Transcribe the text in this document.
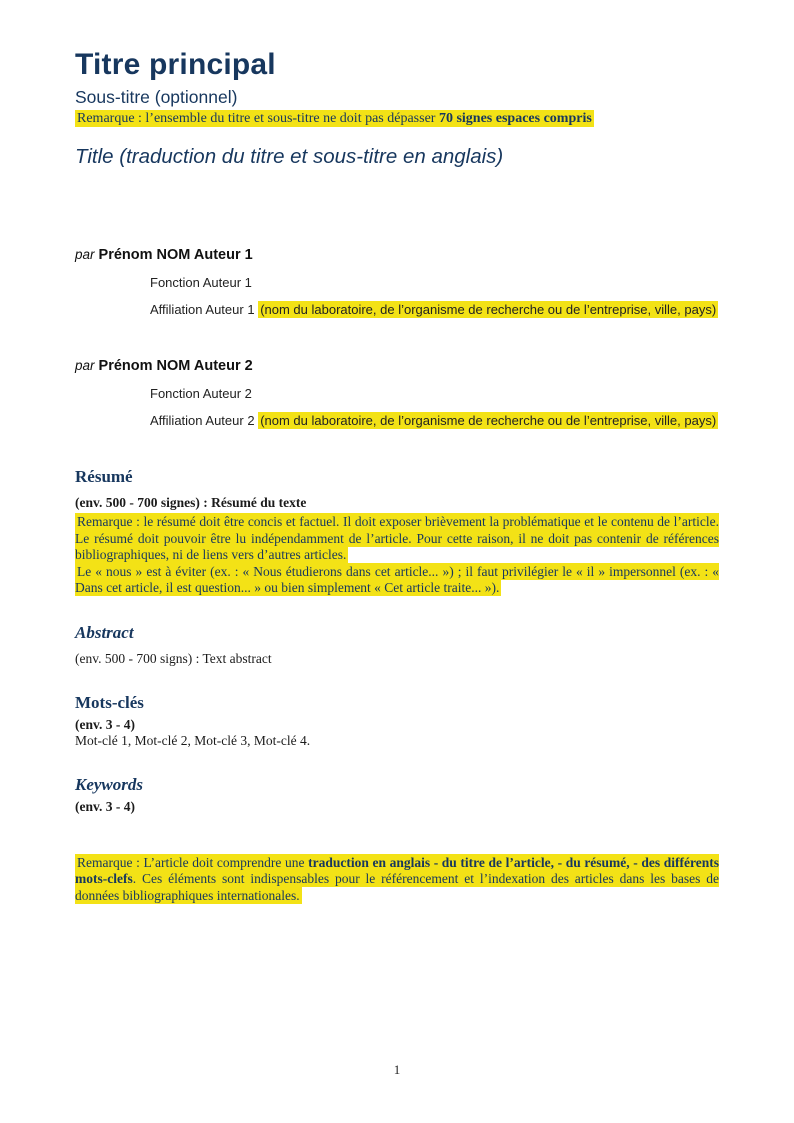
Titre principal
Sous-titre (optionnel)
Remarque : l’ensemble du titre et sous-titre ne doit pas dépasser 70 signes espaces compris
Title (traduction du titre et sous-titre en anglais)
par Prénom NOM Auteur 1
Fonction Auteur 1
Affiliation Auteur 1 (nom du laboratoire, de l’organisme de recherche ou de l’entreprise, ville, pays)
par Prénom NOM Auteur 2
Fonction Auteur 2
Affiliation Auteur 2 (nom du laboratoire, de l’organisme de recherche ou de l’entreprise, ville, pays)
Résumé
(env. 500 - 700 signes) : Résumé du texte

Remarque : le résumé doit être concis et factuel. Il doit exposer brièvement la problématique et le contenu de l’article. Le résumé doit pouvoir être lu indépendamment de l’article. Pour cette raison, il ne doit pas contenir de références bibliographiques, ni de liens vers d’autres articles.

Le « nous » est à éviter (ex. : « Nous étudierons dans cet article... ») ; il faut privilégier le « il » impersonnel (ex. : « Dans cet article, il est question... » ou bien simplement « Cet article traite... »).

Abstract
(env. 500 - 700 signs) : Text abstract
Mots-clés
(env. 3 - 4)
Mot-clé 1, Mot-clé 2, Mot-clé 3, Mot-clé 4.
Keywords
(env. 3 - 4)
Remarque : L’article doit comprendre une traduction en anglais - du titre de l’article, - du résumé, - des différents mots-clefs. Ces éléments sont indispensables pour le référencement et l’indexation des articles dans les bases de données bibliographiques internationales.
1
